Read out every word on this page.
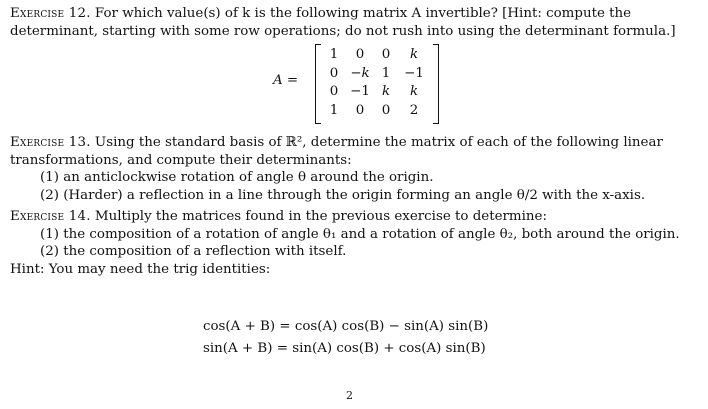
Exercise 12. For which value(s) of k is the following matrix A invertible? [Hint: compute the determinant, starting with some row operations; do not rush into using the determinant formula.]

A =
1	0	0	k
0 −k 1	−1
0 −1 k	k
1	0	0	2

Exercise 13. Using the standard basis of ℝ², determine the matrix of each of the following linear transformations, and compute their determinants:

(1) an anticlockwise rotation of angle θ around the origin.
(2) (Harder) a reflection in a line through the origin forming an angle θ/2 with the x-axis.

Exercise 14. Multiply the matrices found in the previous exercise to determine:

(1) the composition of a rotation of angle θ₁ and a rotation of angle θ₂, both around the origin.
(2) the composition of a reflection with itself.
Hint: You may need the trig identities:
cos(A + B) = cos(A) cos(B) − sin(A) sin(B)
sin(A + B) = sin(A) cos(B) + cos(A) sin(B)
2
